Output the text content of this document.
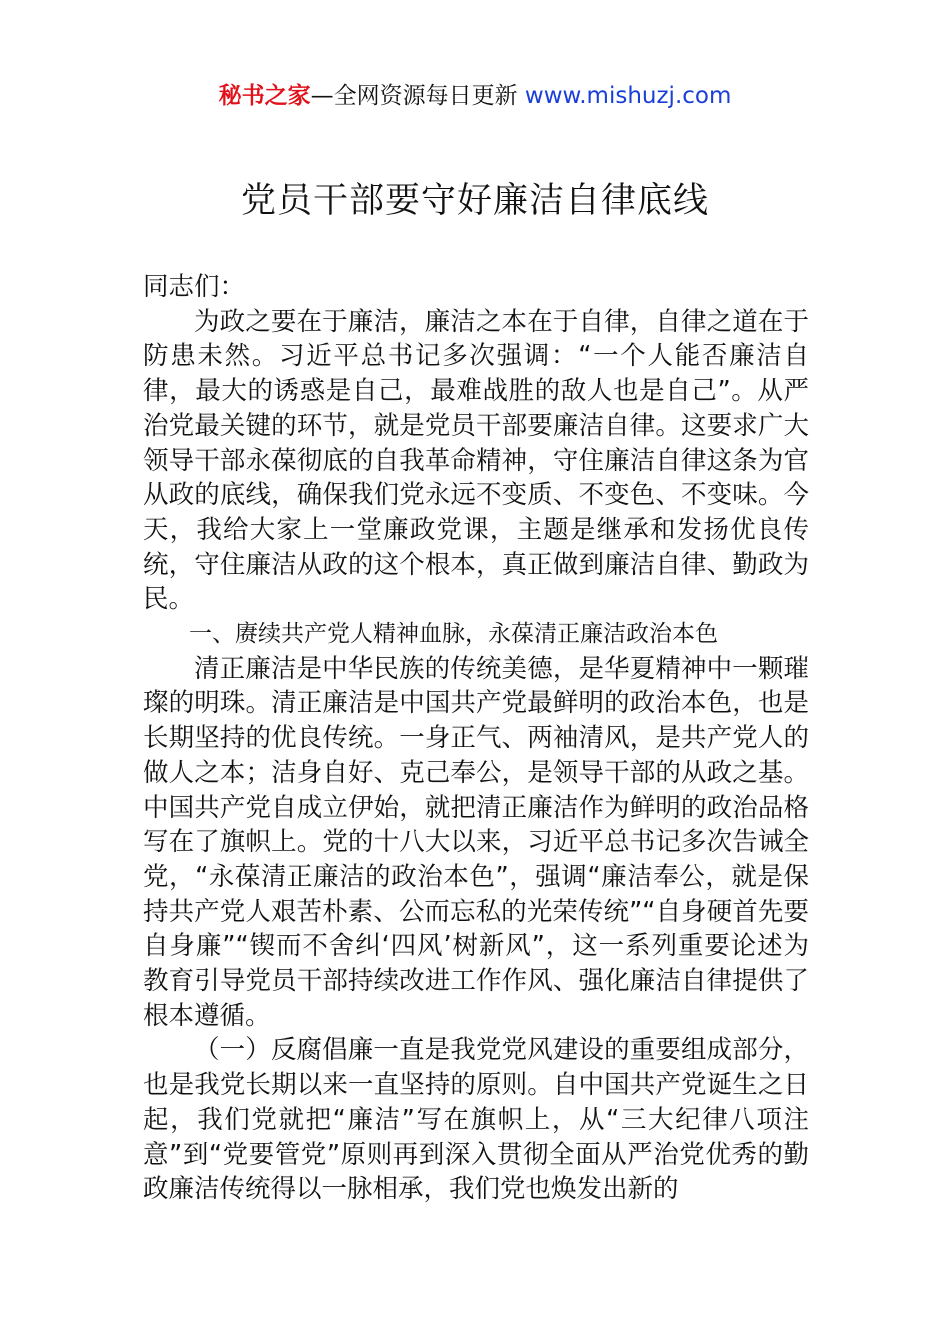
秘书之家—全网资源每日更新 www.mishuzj.com
党员干部要守好廉洁自律底线

同志们：

为政之要在于廉洁，廉洁之本在于自律，自律之道在于防患未然。习近平总书记多次强调：“一个人能否廉洁自律，最大的诱惑是自己，最难战胜的敌人也是自己”。从严治党最关键的环节，就是党员干部要廉洁自律。这要求广大领导干部永葆彻底的自我革命精神，守住廉洁自律这条为官从政的底线，确保我们党永远不变质、不变色、不变味。今天，我给大家上一堂廉政党课，主题是继承和发扬优良传统，守住廉洁从政的这个根本，真正做到廉洁自律、勤政为民。

一、赓续共产党人精神血脉，永葆清正廉洁政治本色

清正廉洁是中华民族的传统美德，是华夏精神中一颗璀璨的明珠。清正廉洁是中国共产党最鲜明的政治本色，也是长期坚持的优良传统。一身正气、两袖清风，是共产党人的做人之本；洁身自好、克己奉公，是领导干部的从政之基。中国共产党自成立伊始，就把清正廉洁作为鲜明的政治品格写在了旗帜上。党的十八大以来，习近平总书记多次告诫全党，“永葆清正廉洁的政治本色”，强调“廉洁奉公，就是保持共产党人艰苦朴素、公而忘私的光荣传统”“自身硬首先要自身廉”“锲而不舍纠‘四风’树新风”，这一系列重要论述为教育引导党员干部持续改进工作作风、强化廉洁自律提供了根本遵循。

（一）反腐倡廉一直是我党党风建设的重要组成部分，也是我党长期以来一直坚持的原则。自中国共产党诞生之日起，我们党就把“廉洁”写在旗帜上，从“三大纪律八项注意”到“党要管党”原则再到深入贯彻全面从严治党优秀的勤政廉洁传统得以一脉相承，我们党也焕发出新的
